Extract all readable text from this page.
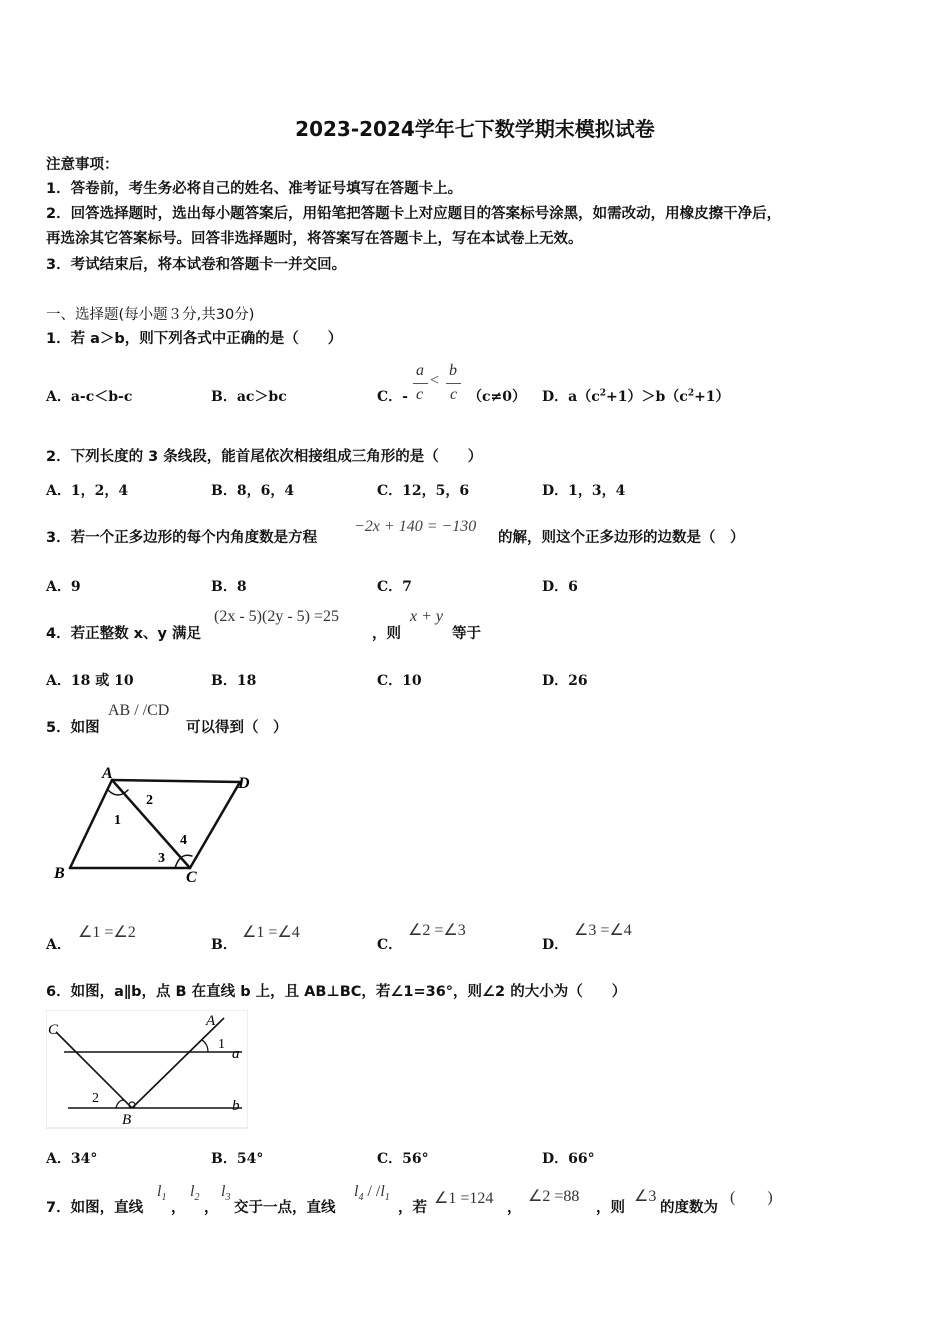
2023-2024学年七下数学期末模拟试卷
注意事项：
1．答卷前，考生务必将自己的姓名、准考证号填写在答题卡上。
2．回答选择题时，选出每小题答案后，用铅笔把答题卡上对应题目的答案标号涂黑，如需改动，用橡皮擦干净后，
再选涂其它答案标号。回答非选择题时，将答案写在答题卡上，写在本试卷上无效。
3．考试结束后，将本试卷和答题卡一并交回。
一、选择题(每小题３分,共30分)
1．若 a＞b，则下列各式中正确的是（　　）
A．a-c＜b-c	B．ac＞bc	C．-
a
c
<
b
c （c≠0） D．$a(c^2+1)>b(c^2+1)$
2．下列长度的 3 条线段，能首尾依次相接组成三角形的是（　　）
A．1，2，4	B．8，6，4	C．12，5，6	D．1，3，4
3．若一个正多边形的每个内角度数是方程
−2x + 140 = −130
的解，则这个正多边形的边数是（　）
A．9	B．8	C．7	D．6
4．若正整数 x、y 满足
(2x - 5)(2y - 5) =25
，则
x + y
等于
A．18 或 10	B．18	C．10	D．26
5．如图
AB / /CD
可以得到（　）
A
D
B	C
1
2
3
4
A．
∠1 =∠2
B．
∠1 =∠4
C．
∠2 =∠3
D．
∠3 =∠4
6．如图，a∥b，点 B 在直线 b 上，且 AB⊥BC，若∠1=36°，则∠2 的大小为（　　）
C
A
1
a
2
B
b
A．34°	B．54°	C．56°	D．66°
7．如图，直线
$l_1$
，
$l_2$
，
$l_3$
交于一点，直线
$l_4 / /l_1$
，若
∠1 =124
，
∠2 =88
，则
∠3
的度数为
(　　)
